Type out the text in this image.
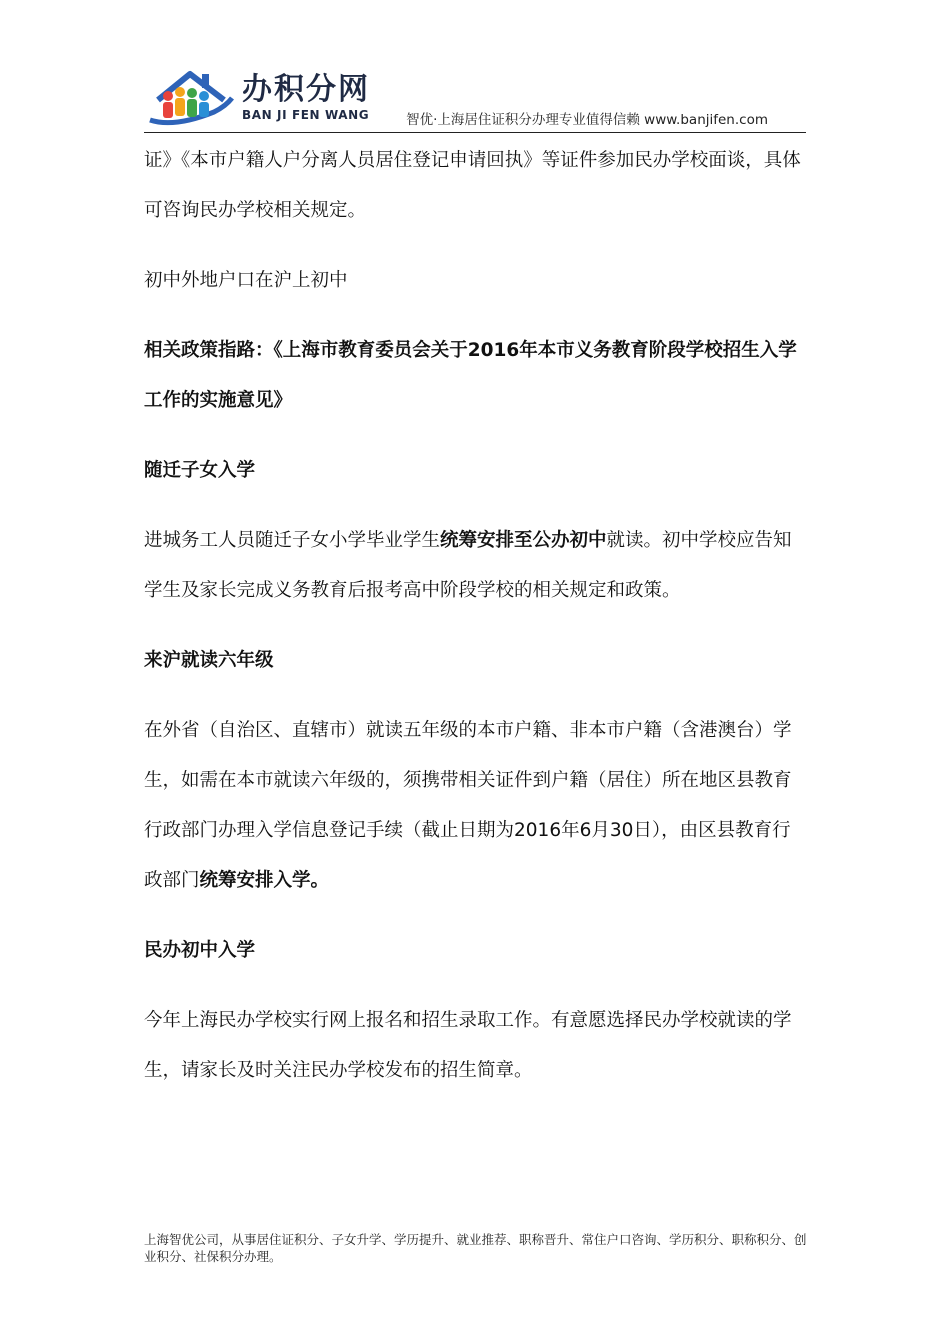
办积分网
BAN JI FEN WANG	智优·上海居住证积分办理专业值得信赖 www.banjifen.com

证》《本市户籍人户分离人员居住登记申请回执》等证件参加民办学校面谈，具体可咨询民办学校相关规定。

初中外地户口在沪上初中

相关政策指路：《上海市教育委员会关于2016年本市义务教育阶段学校招生入学工作的实施意见》

随迁子女入学

进城务工人员随迁子女小学毕业学生统筹安排至公办初中就读。初中学校应告知学生及家长完成义务教育后报考高中阶段学校的相关规定和政策。

来沪就读六年级

在外省（自治区、直辖市）就读五年级的本市户籍、非本市户籍（含港澳台）学生，如需在本市就读六年级的，须携带相关证件到户籍（居住）所在地区县教育行政部门办理入学信息登记手续（截止日期为2016年6月30日），由区县教育行政部门统筹安排入学。

民办初中入学

今年上海民办学校实行网上报名和招生录取工作。有意愿选择民办学校就读的学生，请家长及时关注民办学校发布的招生简章。

上海智优公司，从事居住证积分、子女升学、学历提升、就业推荐、职称晋升、常住户口咨询、学历积分、职称积分、创业积分、社保积分办理。
